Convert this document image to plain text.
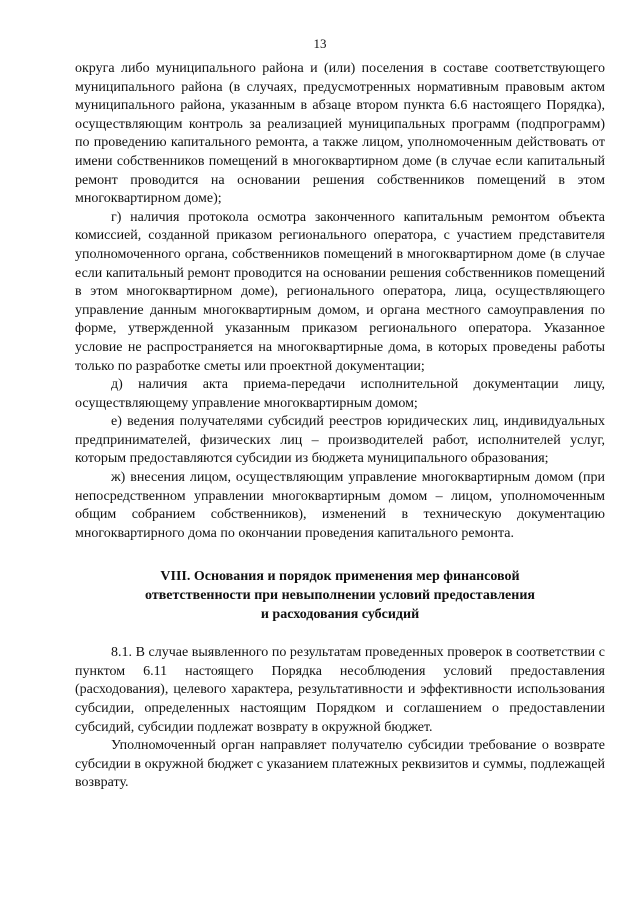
13

округа либо муниципального района и (или) поселения в составе соответствующего муниципального района (в случаях, предусмотренных нормативным правовым актом муниципального района, указанным в абзаце втором пункта 6.6 настоящего Порядка), осуществляющим контроль за реализацией муниципальных программ (подпрограмм) по проведению капитального ремонта, а также лицом, уполномоченным действовать от имени собственников помещений в многоквартирном доме (в случае если капитальный ремонт проводится на основании решения собственников помещений в этом многоквартирном доме);

г) наличия протокола осмотра законченного капитальным ремонтом объекта комиссией, созданной приказом регионального оператора, с участием представителя уполномоченного органа, собственников помещений в многоквартирном доме (в случае если капитальный ремонт проводится на основании решения собственников помещений в этом многоквартирном доме), регионального оператора, лица, осуществляющего управление данным многоквартирным домом, и органа местного самоуправления по форме, утвержденной указанным приказом регионального оператора. Указанное условие не распространяется на многоквартирные дома, в которых проведены работы только по разработке сметы или проектной документации;

д) наличия акта приема-передачи исполнительной документации лицу, осуществляющему управление многоквартирным домом;

е) ведения получателями субсидий реестров юридических лиц, индивидуальных предпринимателей, физических лиц – производителей работ, исполнителей услуг, которым предоставляются субсидии из бюджета муниципального образования;

ж) внесения лицом, осуществляющим управление многоквартирным домом (при непосредственном управлении многоквартирным домом – лицом, уполномоченным общим собранием собственников), изменений в техническую документацию многоквартирного дома по окончании проведения капитального ремонта.

VIII. Основания и порядок применения мер финансовой
ответственности при невыполнении условий предоставления
и расходования субсидий

8.1. В случае выявленного по результатам проведенных проверок в соответствии с пунктом 6.11 настоящего Порядка несоблюдения условий предоставления (расходования), целевого характера, результативности и эффективности использования субсидии, определенных настоящим Порядком и соглашением о предоставлении субсидий, субсидии подлежат возврату в окружной бюджет.

Уполномоченный орган направляет получателю субсидии требование о возврате субсидии в окружной бюджет с указанием платежных реквизитов и суммы, подлежащей возврату.
